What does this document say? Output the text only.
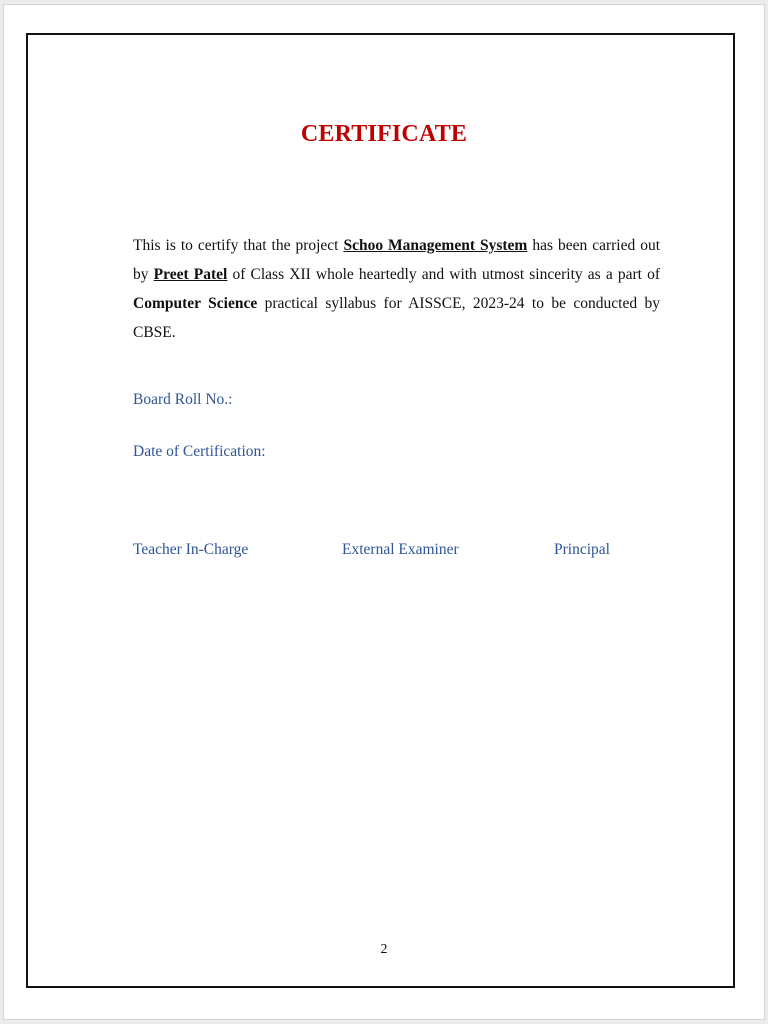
CERTIFICATE

This is to certify that the project Schoo Management System has been carried out by Preet Patel of Class XII whole heartedly and with utmost sincerity as a part of Computer Science practical syllabus for AISSCE, 2023-24 to be conducted by CBSE.

Board Roll No.:
Date of Certification:
Teacher In-Charge	External Examiner	Principal
2
